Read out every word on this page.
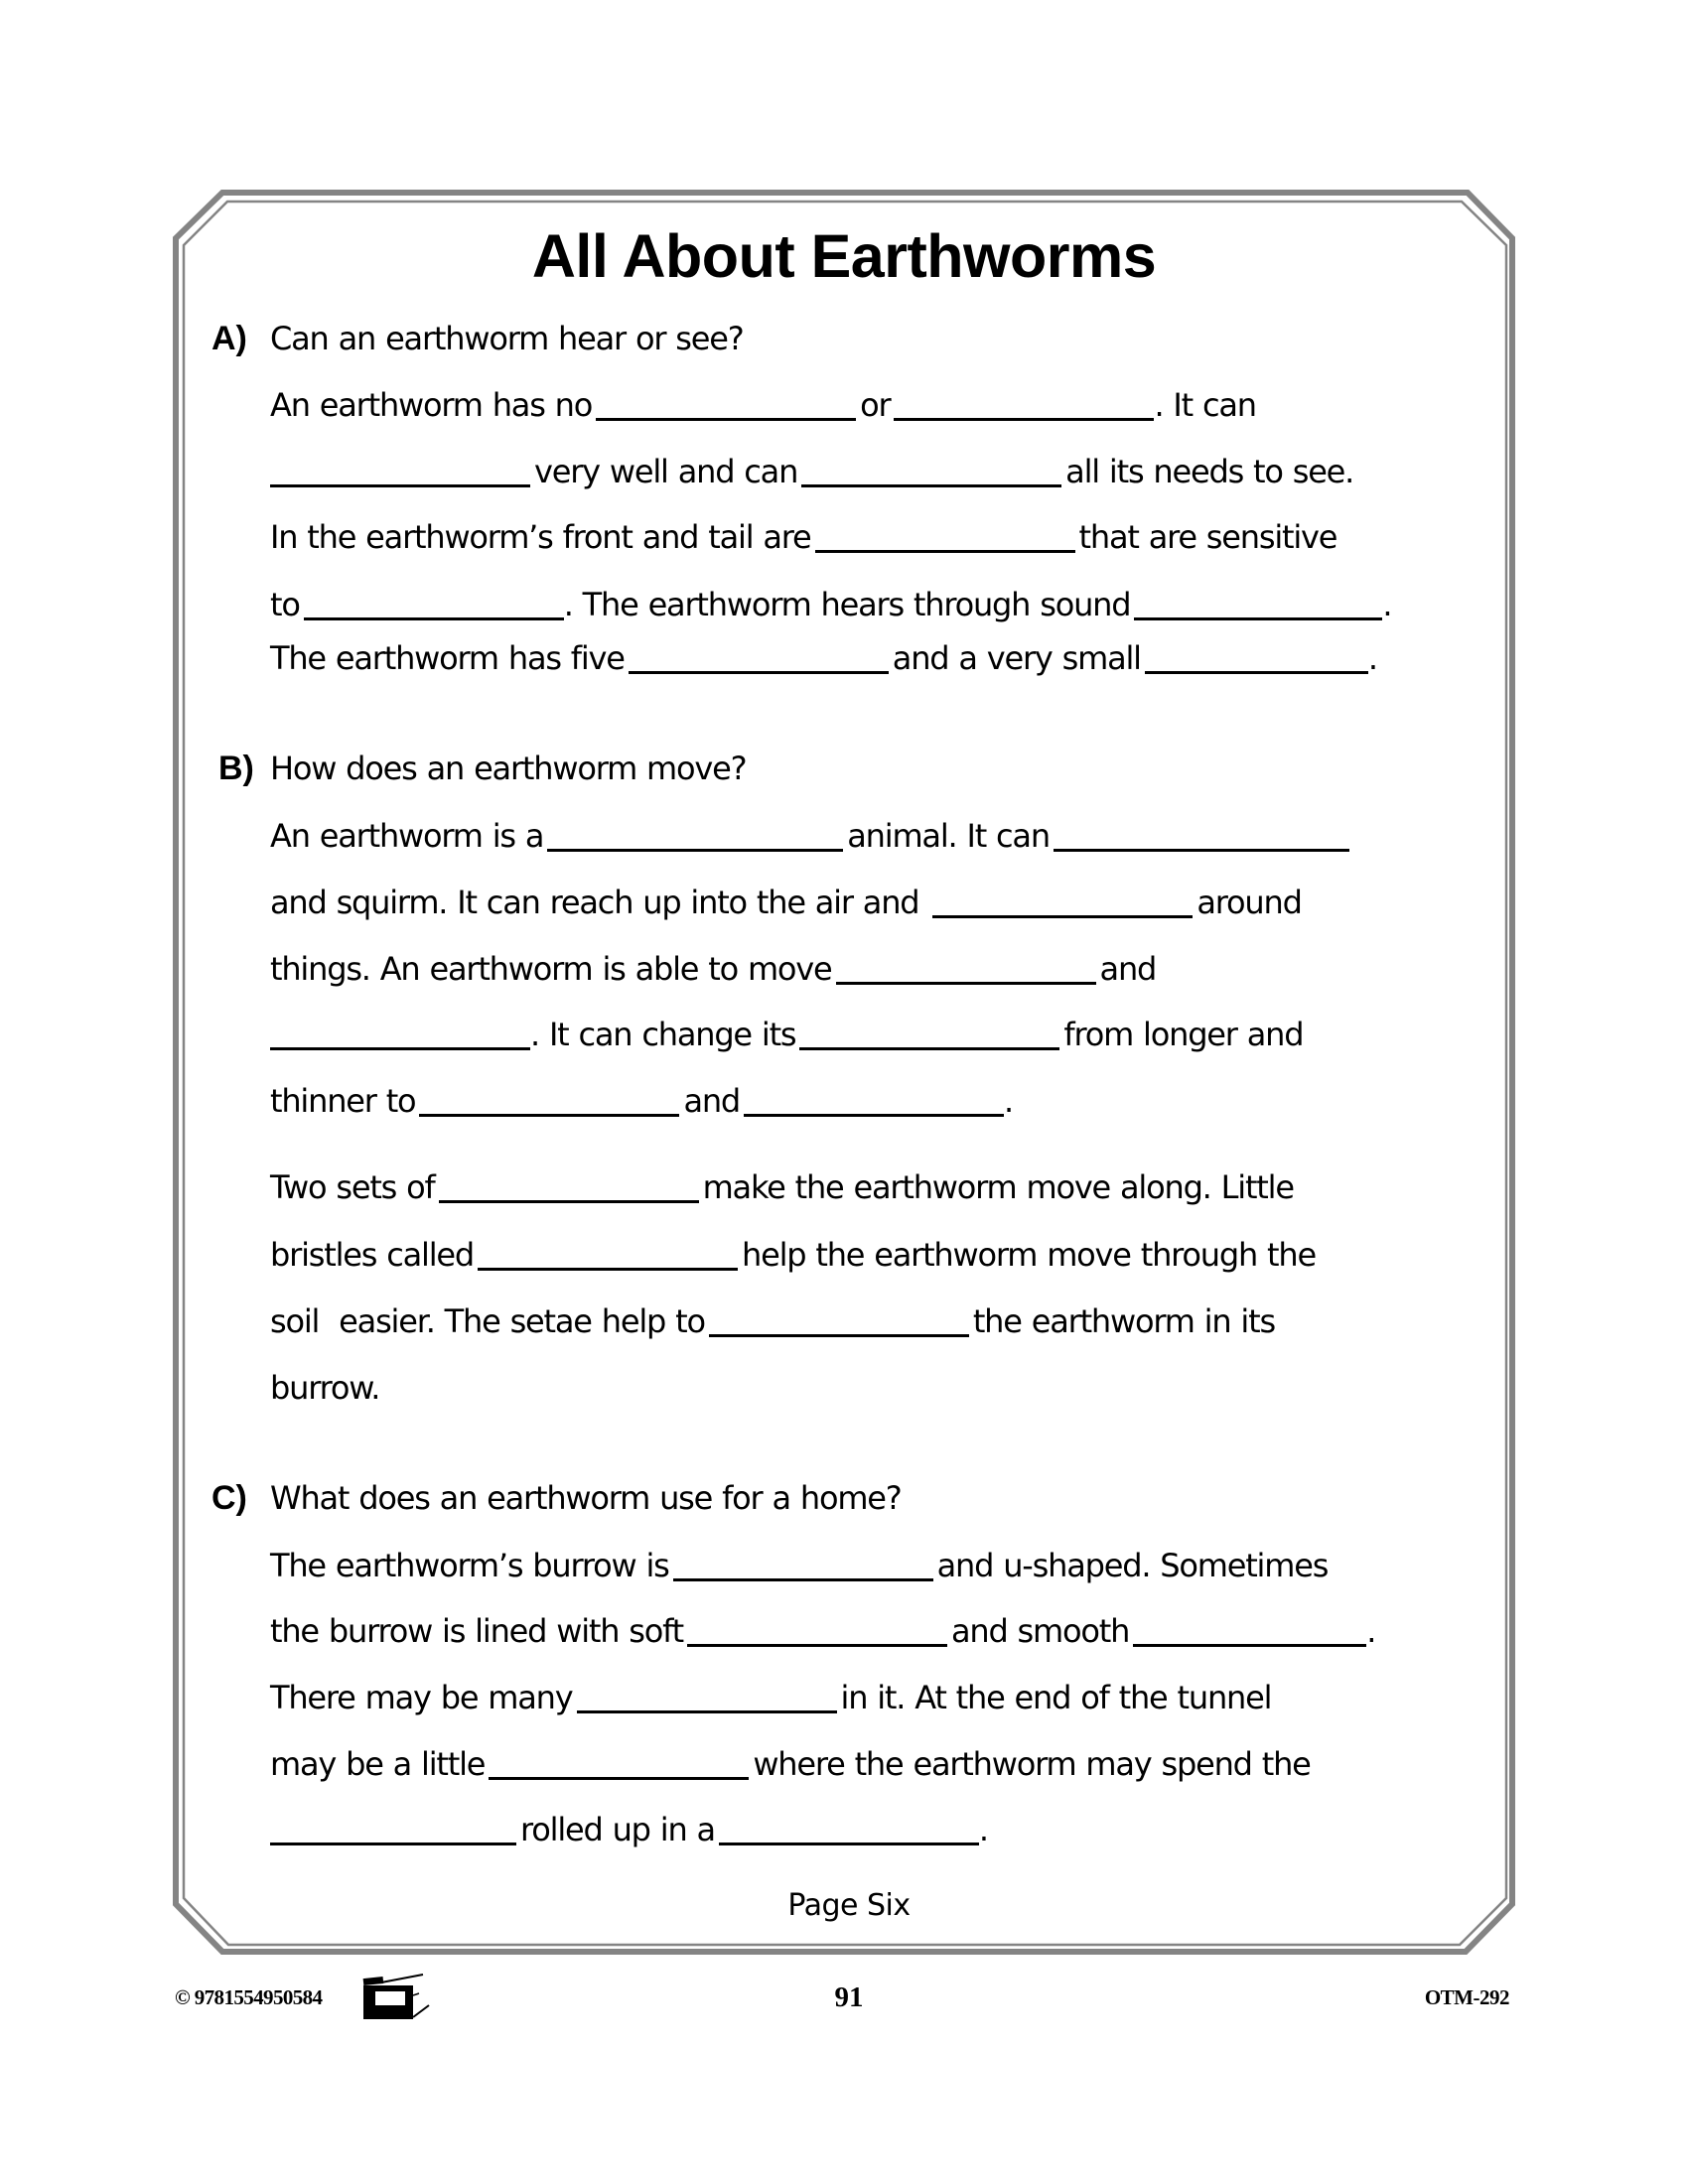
All About Earthworms
A) Can an earthworm hear or see?
An earthworm has no	or	. It can
very well and can	all its needs to see.
In the earthworm’s front and tail are	that are sensitive
to	. The earthworm hears through sound	.
The earthworm has five	and a very small	.
B) How does an earthworm move?
An earthworm is a	animal. It can
and squirm. It can reach up into the air and	around
things. An earthworm is able to move	and
. It can change its	from longer and
thinner to	and	.
Two sets of	make the earthworm move along. Little
bristles called	help the earthworm move through the
soil  easier. The setae help to	the earthworm in its
burrow.
C) What does an earthworm use for a home?
The earthworm’s burrow is	and u-shaped. Sometimes
the burrow is lined with soft	and smooth	.
There may be many	in it. At the end of the tunnel
may be a little	where the earthworm may spend the
rolled up in a	.
Page Six
© 9781554950584	91	OTM-292
